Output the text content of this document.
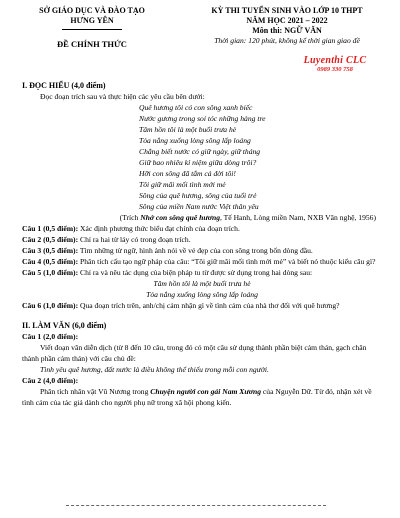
SỞ GIÁO DỤC VÀ ĐÀO TẠO
HƯNG YÊN
ĐỀ CHÍNH THỨC
KỲ THI TUYỂN SINH VÀO LỚP 10 THPT
NĂM HỌC 2021 – 2022
Môn thi: NGỮ VĂN
Thời gian: 120 phút, không kể thời gian giao đề
Luyenthi CLC
0989 330 758
I. ĐỌC HIỂU (4,0 điểm)
Đọc đoạn trích sau và thực hiện các yêu cầu bên dưới:
Quê hương tôi có con sông xanh biếc
Nước gương trong soi tóc những hàng tre
Tâm hồn tôi là một buổi trưa hè
Tỏa nắng xuống lòng sông lấp loáng
Chẳng biết nước có giữ ngày, giữ tháng
Giữ bao nhiêu kỉ niệm giữa dòng trôi?
Hỡi con sông đã tắm cả đời tôi!
Tôi giữ mãi mối tình mới mẻ
Sông của quê hương, sông của tuổi trẻ
Sông của miền Nam nước Việt thân yêu
(Trích Nhớ con sông quê hương, Tế Hanh, Lòng miền Nam, NXB Văn nghệ, 1956)
Câu 1 (0,5 điểm): Xác định phương thức biểu đạt chính của đoạn trích.
Câu 2 (0,5 điểm): Chỉ ra hai từ láy có trong đoạn trích.
Câu 3 (0,5 điểm): Tìm những từ ngữ, hình ảnh nói về vẻ đẹp của con sông trong bốn dòng đầu.
Câu 4 (0,5 điểm): Phân tích cấu tạo ngữ pháp của câu: “Tôi giữ mãi mối tình mới mẻ” và biết nó thuộc kiểu câu gì?
Câu 5 (1,0 điểm): Chỉ ra và nêu tác dụng của biện pháp tu từ được sử dụng trong hai dòng sau:
Tâm hồn tôi là một buổi trưa hè
Tỏa nắng xuống lòng sông lấp loáng
Câu 6 (1,0 điểm): Qua đoạn trích trên, anh/chị cảm nhận gì về tình cảm của nhà thơ đối với quê hương?
II. LÀM VĂN (6,0 điểm)
Câu 1 (2,0 điểm):
Viết đoạn văn diễn dịch (từ 8 đến 10 câu, trong đó có một câu sử dụng thành phần biệt cảm thán, gạch chân thành phần cảm thán) với câu chủ đề:
Tình yêu quê hương, đất nước là điều không thể thiếu trong mỗi con người.
Câu 2 (4,0 điểm):
Phân tích nhân vật Vũ Nương trong Chuyện người con gái Nam Xương của Nguyễn Dữ. Từ đó, nhận xét về tình cảm của tác giả dành cho người phụ nữ trong xã hội phong kiến.
